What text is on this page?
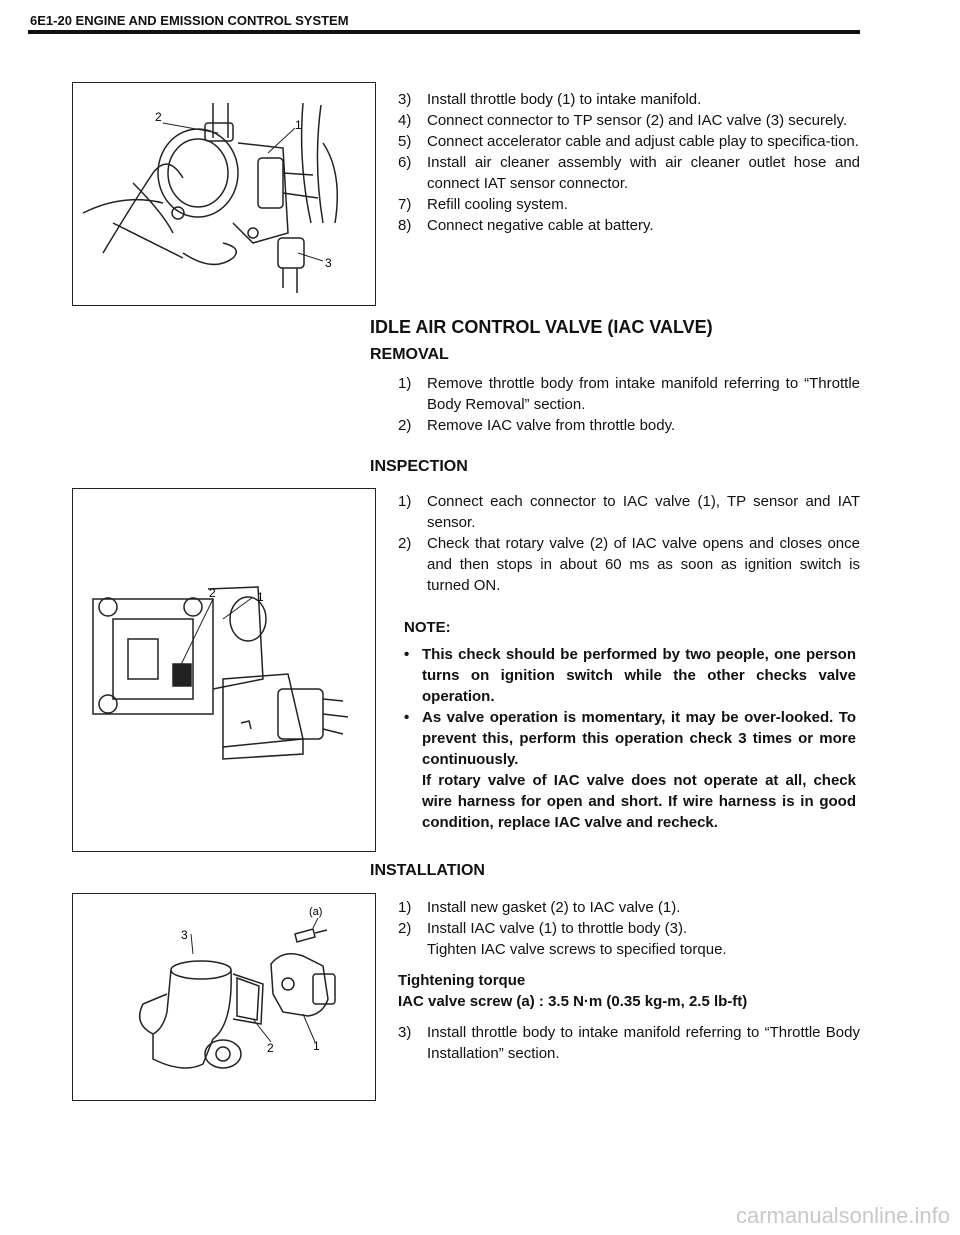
6E1-20 ENGINE AND EMISSION CONTROL SYSTEM
2
1
3
3)	Install throttle body (1) to intake manifold.
4)	Connect connector to TP sensor (2) and IAC valve (3) securely.
5)	Connect accelerator cable and adjust cable play to specifica-tion.
6)	Install air cleaner assembly with air cleaner outlet hose and connect IAT sensor connector.
7)	Refill cooling system.
8)	Connect negative cable at battery.
IDLE AIR CONTROL VALVE (IAC VALVE)
REMOVAL
1)	Remove throttle body from intake manifold referring to “Throttle Body Removal” section.
2)	Remove IAC valve from throttle body.
INSPECTION
2	1
1)	Connect each connector to IAC valve (1), TP sensor and IAT sensor.
2)	Check that rotary valve (2) of IAC valve opens and closes once and then stops in about 60 ms as soon as ignition switch is turned ON.
NOTE:
• This check should be performed by two people, one person turns on ignition switch while the other checks valve operation.
• As valve operation is momentary, it may be over-looked. To prevent this, perform this operation check 3 times or more continuously.
If rotary valve of IAC valve does not operate at all, check wire harness for open and short. If wire harness is in good condition, replace IAC valve and recheck.
INSTALLATION
(a)
3
2	1
1)	Install new gasket (2) to IAC valve (1).
2)	Install IAC valve (1) to throttle body (3).
Tighten IAC valve screws to specified torque.
Tightening torque
IAC valve screw (a) : 3.5 N·m (0.35 kg-m, 2.5 lb-ft)
3)	Install throttle body to intake manifold referring to “Throttle Body Installation” section.
carmanualsonline.info
